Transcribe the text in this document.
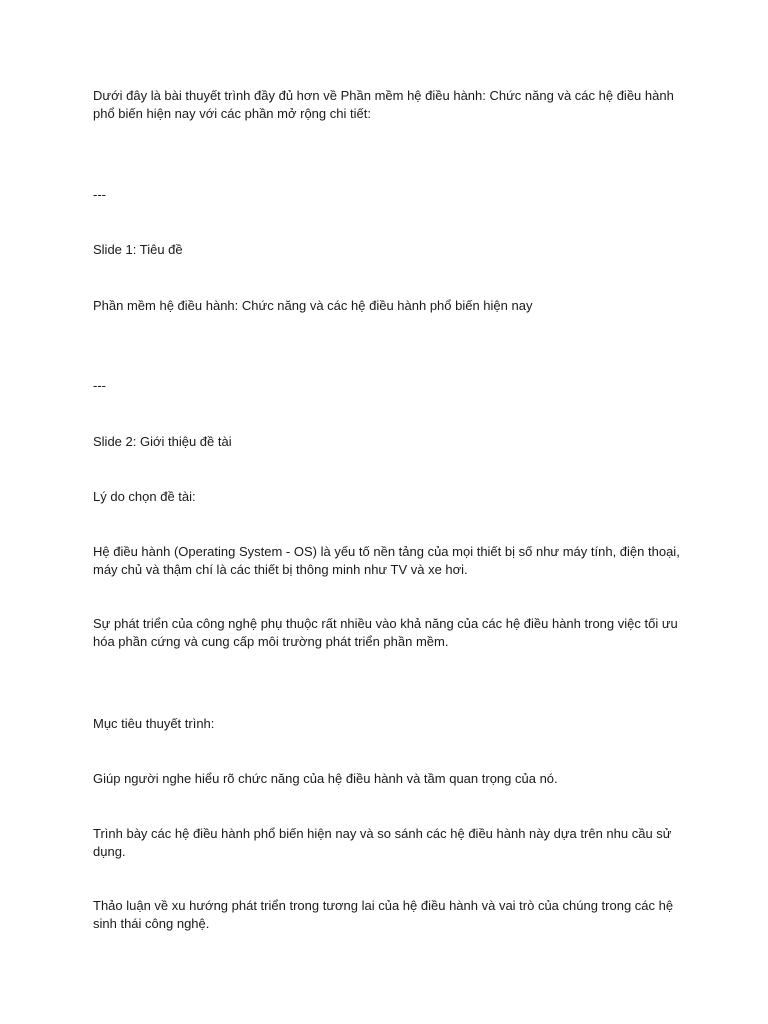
Dưới đây là bài thuyết trình đầy đủ hơn về Phần mềm hệ điều hành: Chức năng và các hệ điều hành phổ biến hiện nay với các phần mở rộng chi tiết:

---

Slide 1: Tiêu đề

Phần mềm hệ điều hành: Chức năng và các hệ điều hành phổ biến hiện nay

---

Slide 2: Giới thiệu đề tài

Lý do chọn đề tài:

Hệ điều hành (Operating System - OS) là yếu tố nền tảng của mọi thiết bị số như máy tính, điện thoại, máy chủ và thậm chí là các thiết bị thông minh như TV và xe hơi.

Sự phát triển của công nghệ phụ thuộc rất nhiều vào khả năng của các hệ điều hành trong việc tối ưu hóa phần cứng và cung cấp môi trường phát triển phần mềm.

Mục tiêu thuyết trình:

Giúp người nghe hiểu rõ chức năng của hệ điều hành và tầm quan trọng của nó.

Trình bày các hệ điều hành phổ biến hiện nay và so sánh các hệ điều hành này dựa trên nhu cầu sử dụng.

Thảo luận về xu hướng phát triển trong tương lai của hệ điều hành và vai trò của chúng trong các hệ sinh thái công nghệ.
